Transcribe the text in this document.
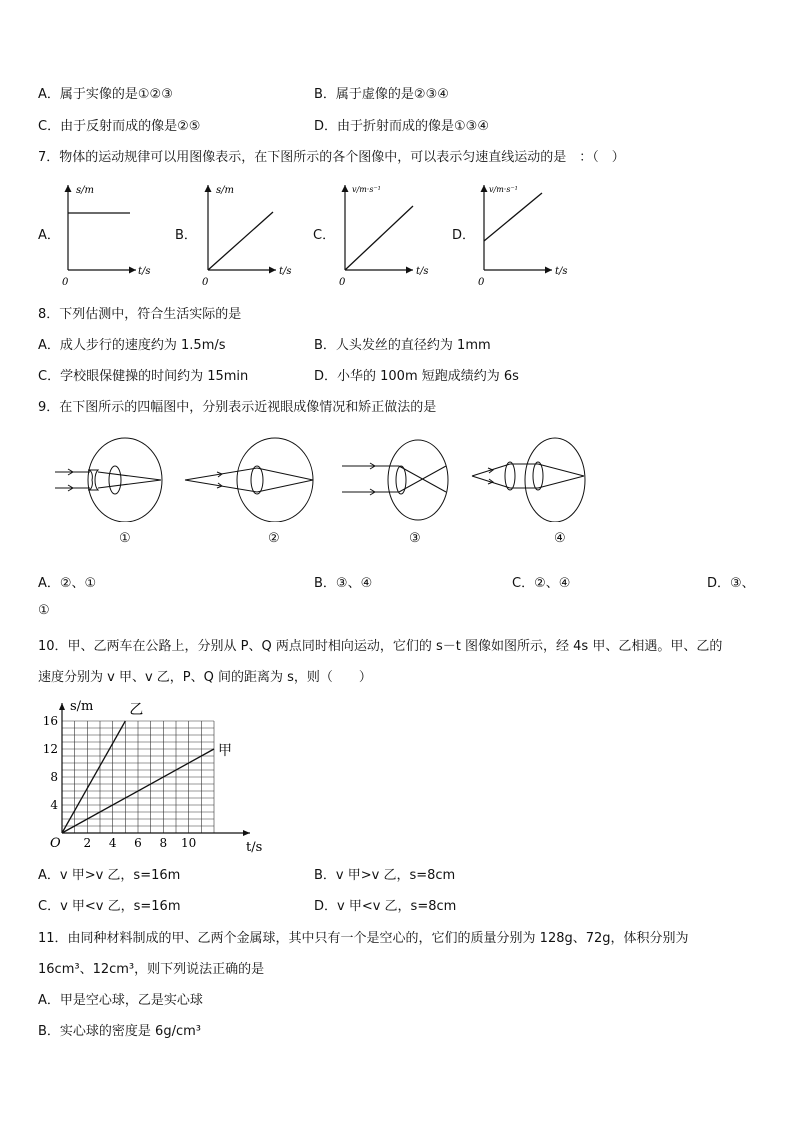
A．属于实像的是①②③	B．属于虚像的是②③④
C．由于反射而成的像是②⑤	D．由于折射而成的像是①③④
7．物体的运动规律可以用图像表示，在下图所示的各个图像中，可以表示匀速直线运动的是　：（　）
A．	B．	C．	D．
s/m
t/s
0
s/m
t/s
0
v/m·s⁻¹
t/s
0
v/m·s⁻¹
t/s
0
8．下列估测中，符合生活实际的是
A．成人步行的速度约为 1.5m/s	B．人头发丝的直径约为 1mm
C．学校眼保健操的时间约为 15min	D．小华的 100m 短跑成绩约为 6s
9．在下图所示的四幅图中，分别表示近视眼成像情况和矫正做法的是
①	②	③	④
A．②、①	B．③、④	C．②、④	D．③、
①
10．甲、乙两车在公路上，分别从 P、Q 两点同时相向运动，它们的 s－t 图像如图所示，经 4s 甲、乙相遇。甲、乙的
速度分别为 v 甲、v 乙，P、Q 间的距离为 s，则（　　）
2 4 6 8 10
4
8
12
16
O	t/s
s/m	乙
甲
A．v 甲>v 乙，s=16m	B．v 甲>v 乙，s=8cm
C．v 甲<v 乙，s=16m	D．v 甲<v 乙，s=8cm
11．由同种材料制成的甲、乙两个金属球，其中只有一个是空心的，它们的质量分别为 128g、72g，体积分别为
16cm³、12cm³，则下列说法正确的是
A．甲是空心球，乙是实心球
B．实心球的密度是 6g/cm³
